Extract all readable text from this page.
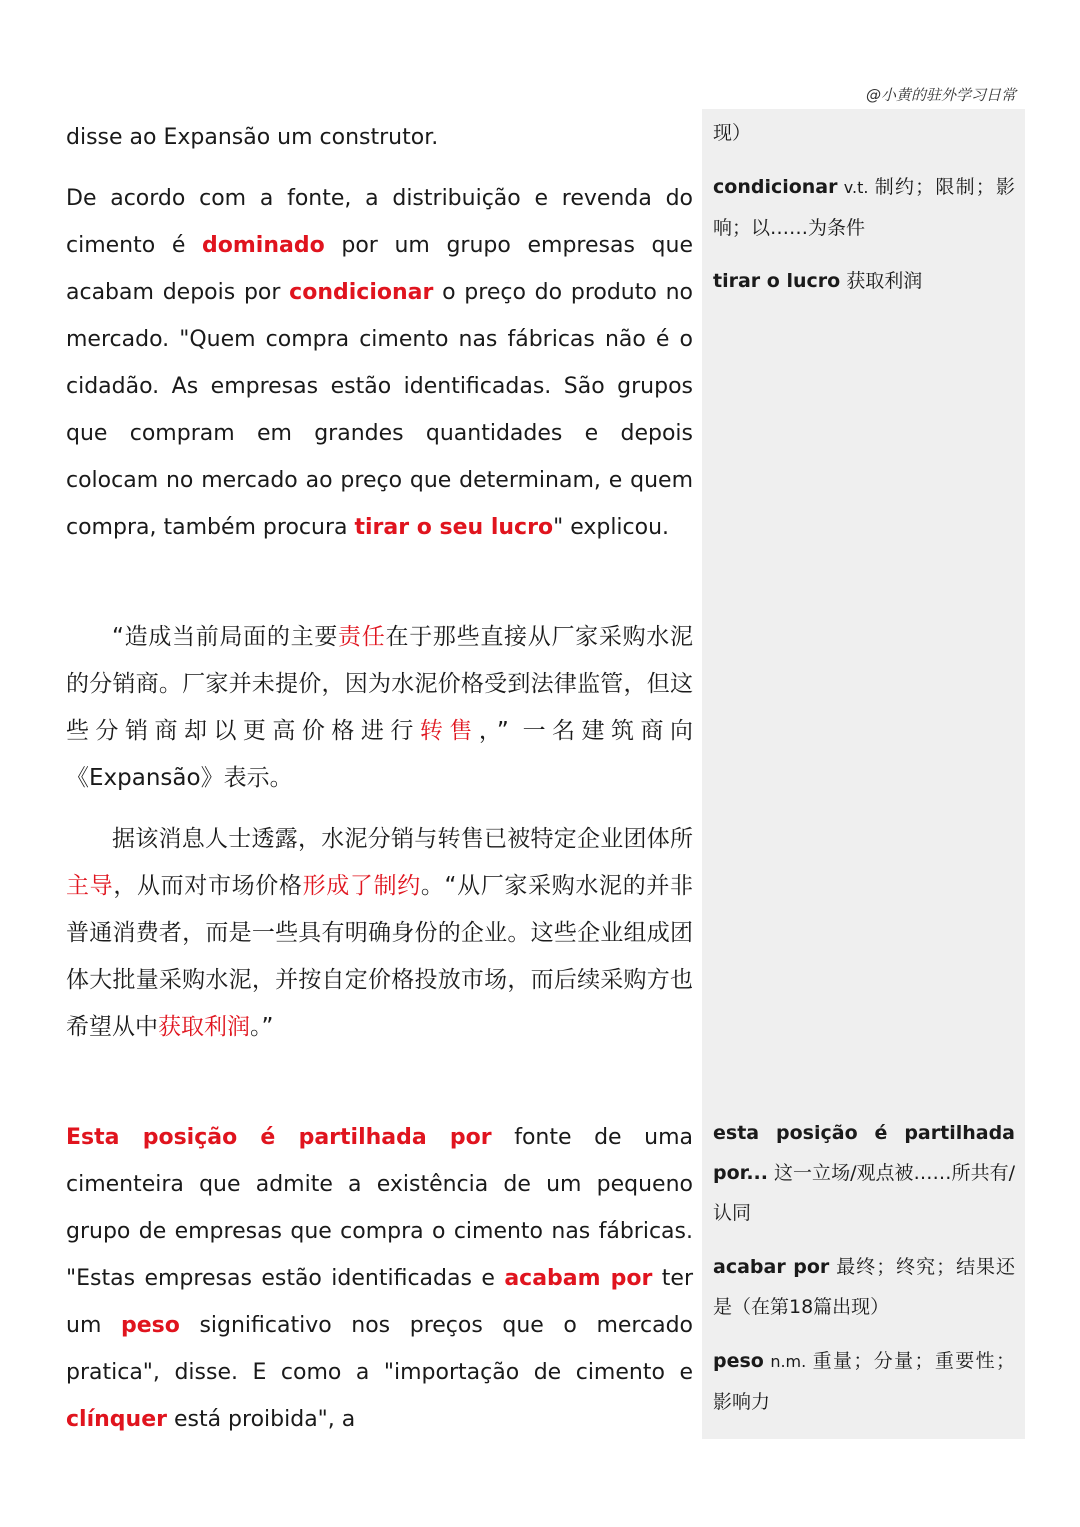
@小黄的驻外学习日常

disse ao Expansão um construtor.

De acordo com a fonte, a distribuição e revenda do cimento é dominado por um grupo empresas que acabam depois por condicionar o preço do produto no mercado. "Quem compra cimento nas fábricas não é o cidadão. As empresas estão identificadas. São grupos que compram em grandes quantidades e depois colocam no mercado ao preço que determinam, e quem compra, também procura tirar o seu lucro" explicou.

“造成当前局面的主要责任在于那些直接从厂家采购水泥的分销商。厂家并未提价，因为水泥价格受到法律监管，但这些分销商却以更高价格进行转售，” 一名建筑商向《Expansão》表示。

据该消息人士透露，水泥分销与转售已被特定企业团体所主导，从而对市场价格形成了制约。“从厂家采购水泥的并非普通消费者，而是一些具有明确身份的企业。这些企业组成团体大批量采购水泥，并按自定价格投放市场，而后续采购方也希望从中获取利润。”

Esta posição é partilhada por fonte de uma cimenteira que admite a existência de um pequeno grupo de empresas que compra o cimento nas fábricas. "Estas empresas estão identificadas e acabam por ter um peso significativo nos preços que o mercado pratica", disse. E como a "importação de cimento e clínquer está proibida", a

现）
condicionar v.t. 制约；限制；影响；以……为条件
tirar o lucro 获取利润
esta posição é partilhada por... 这一立场/观点被……所共有/认同
acabar por 最终；终究；结果还是（在第18篇出现）
peso n.m. 重量；分量；重要性；影响力
